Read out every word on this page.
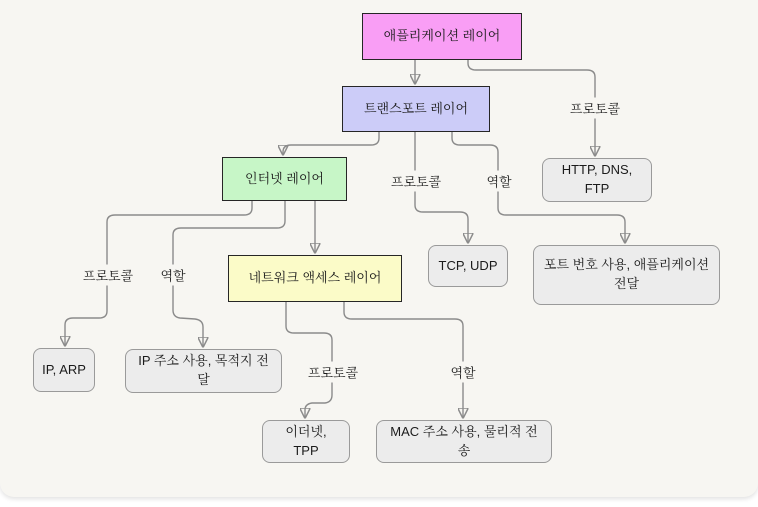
애플리케이션 레이어
트랜스포트 레이어
인터넷 레이어
네트워크 액세스 레이어
HTTP, DNS, FTP
TCP, UDP	포트 번호 사용, 애플리케이션 전달
IP, ARP
IP 주소 사용, 목적지 전달
이더넷, TPP
MAC 주소 사용, 물리적 전송
프로토콜
프로토콜	역할
프로토콜	역할
프로토콜	역할
